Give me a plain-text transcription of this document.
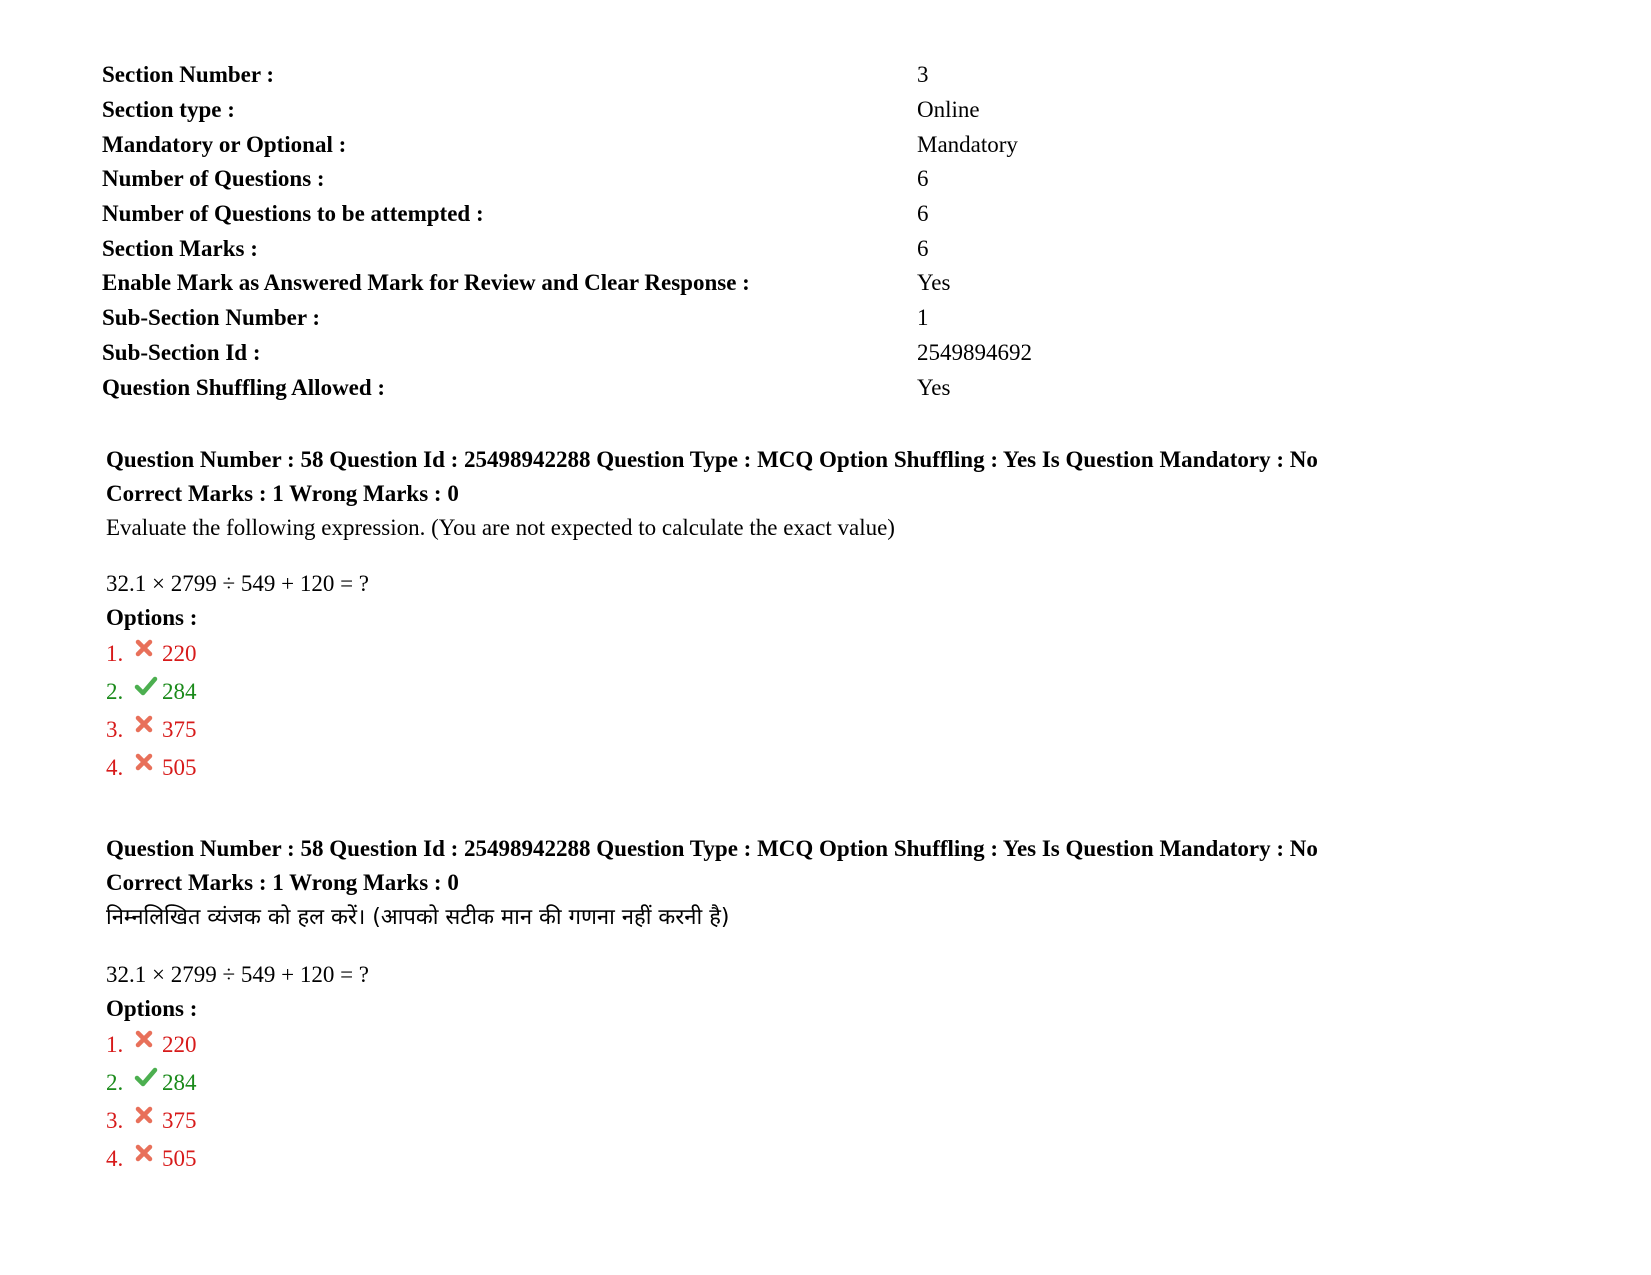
Section Number :	3
Section type :	Online
Mandatory or Optional :	Mandatory
Number of Questions :	6
Number of Questions to be attempted :	6
Section Marks :	6
Enable Mark as Answered Mark for Review and Clear Response :	Yes
Sub-Section Number :	1
Sub-Section Id :	2549894692
Question Shuffling Allowed :	Yes
Question Number : 58 Question Id : 25498942288 Question Type : MCQ Option Shuffling : Yes Is Question Mandatory : No
Correct Marks : 1 Wrong Marks : 0
Evaluate the following expression. (You are not expected to calculate the exact value)
32.1 × 2799 ÷ 549 + 120 = ?
Options :
1.	220
2.	284
3.	375
4.	505
Question Number : 58 Question Id : 25498942288 Question Type : MCQ Option Shuffling : Yes Is Question Mandatory : No
Correct Marks : 1 Wrong Marks : 0
निम्नलिखित व्यंजक को हल करें। (आपको सटीक मान की गणना नहीं करनी है)
32.1 × 2799 ÷ 549 + 120 = ?
Options :
1.	220
2.	284
3.	375
4.	505
